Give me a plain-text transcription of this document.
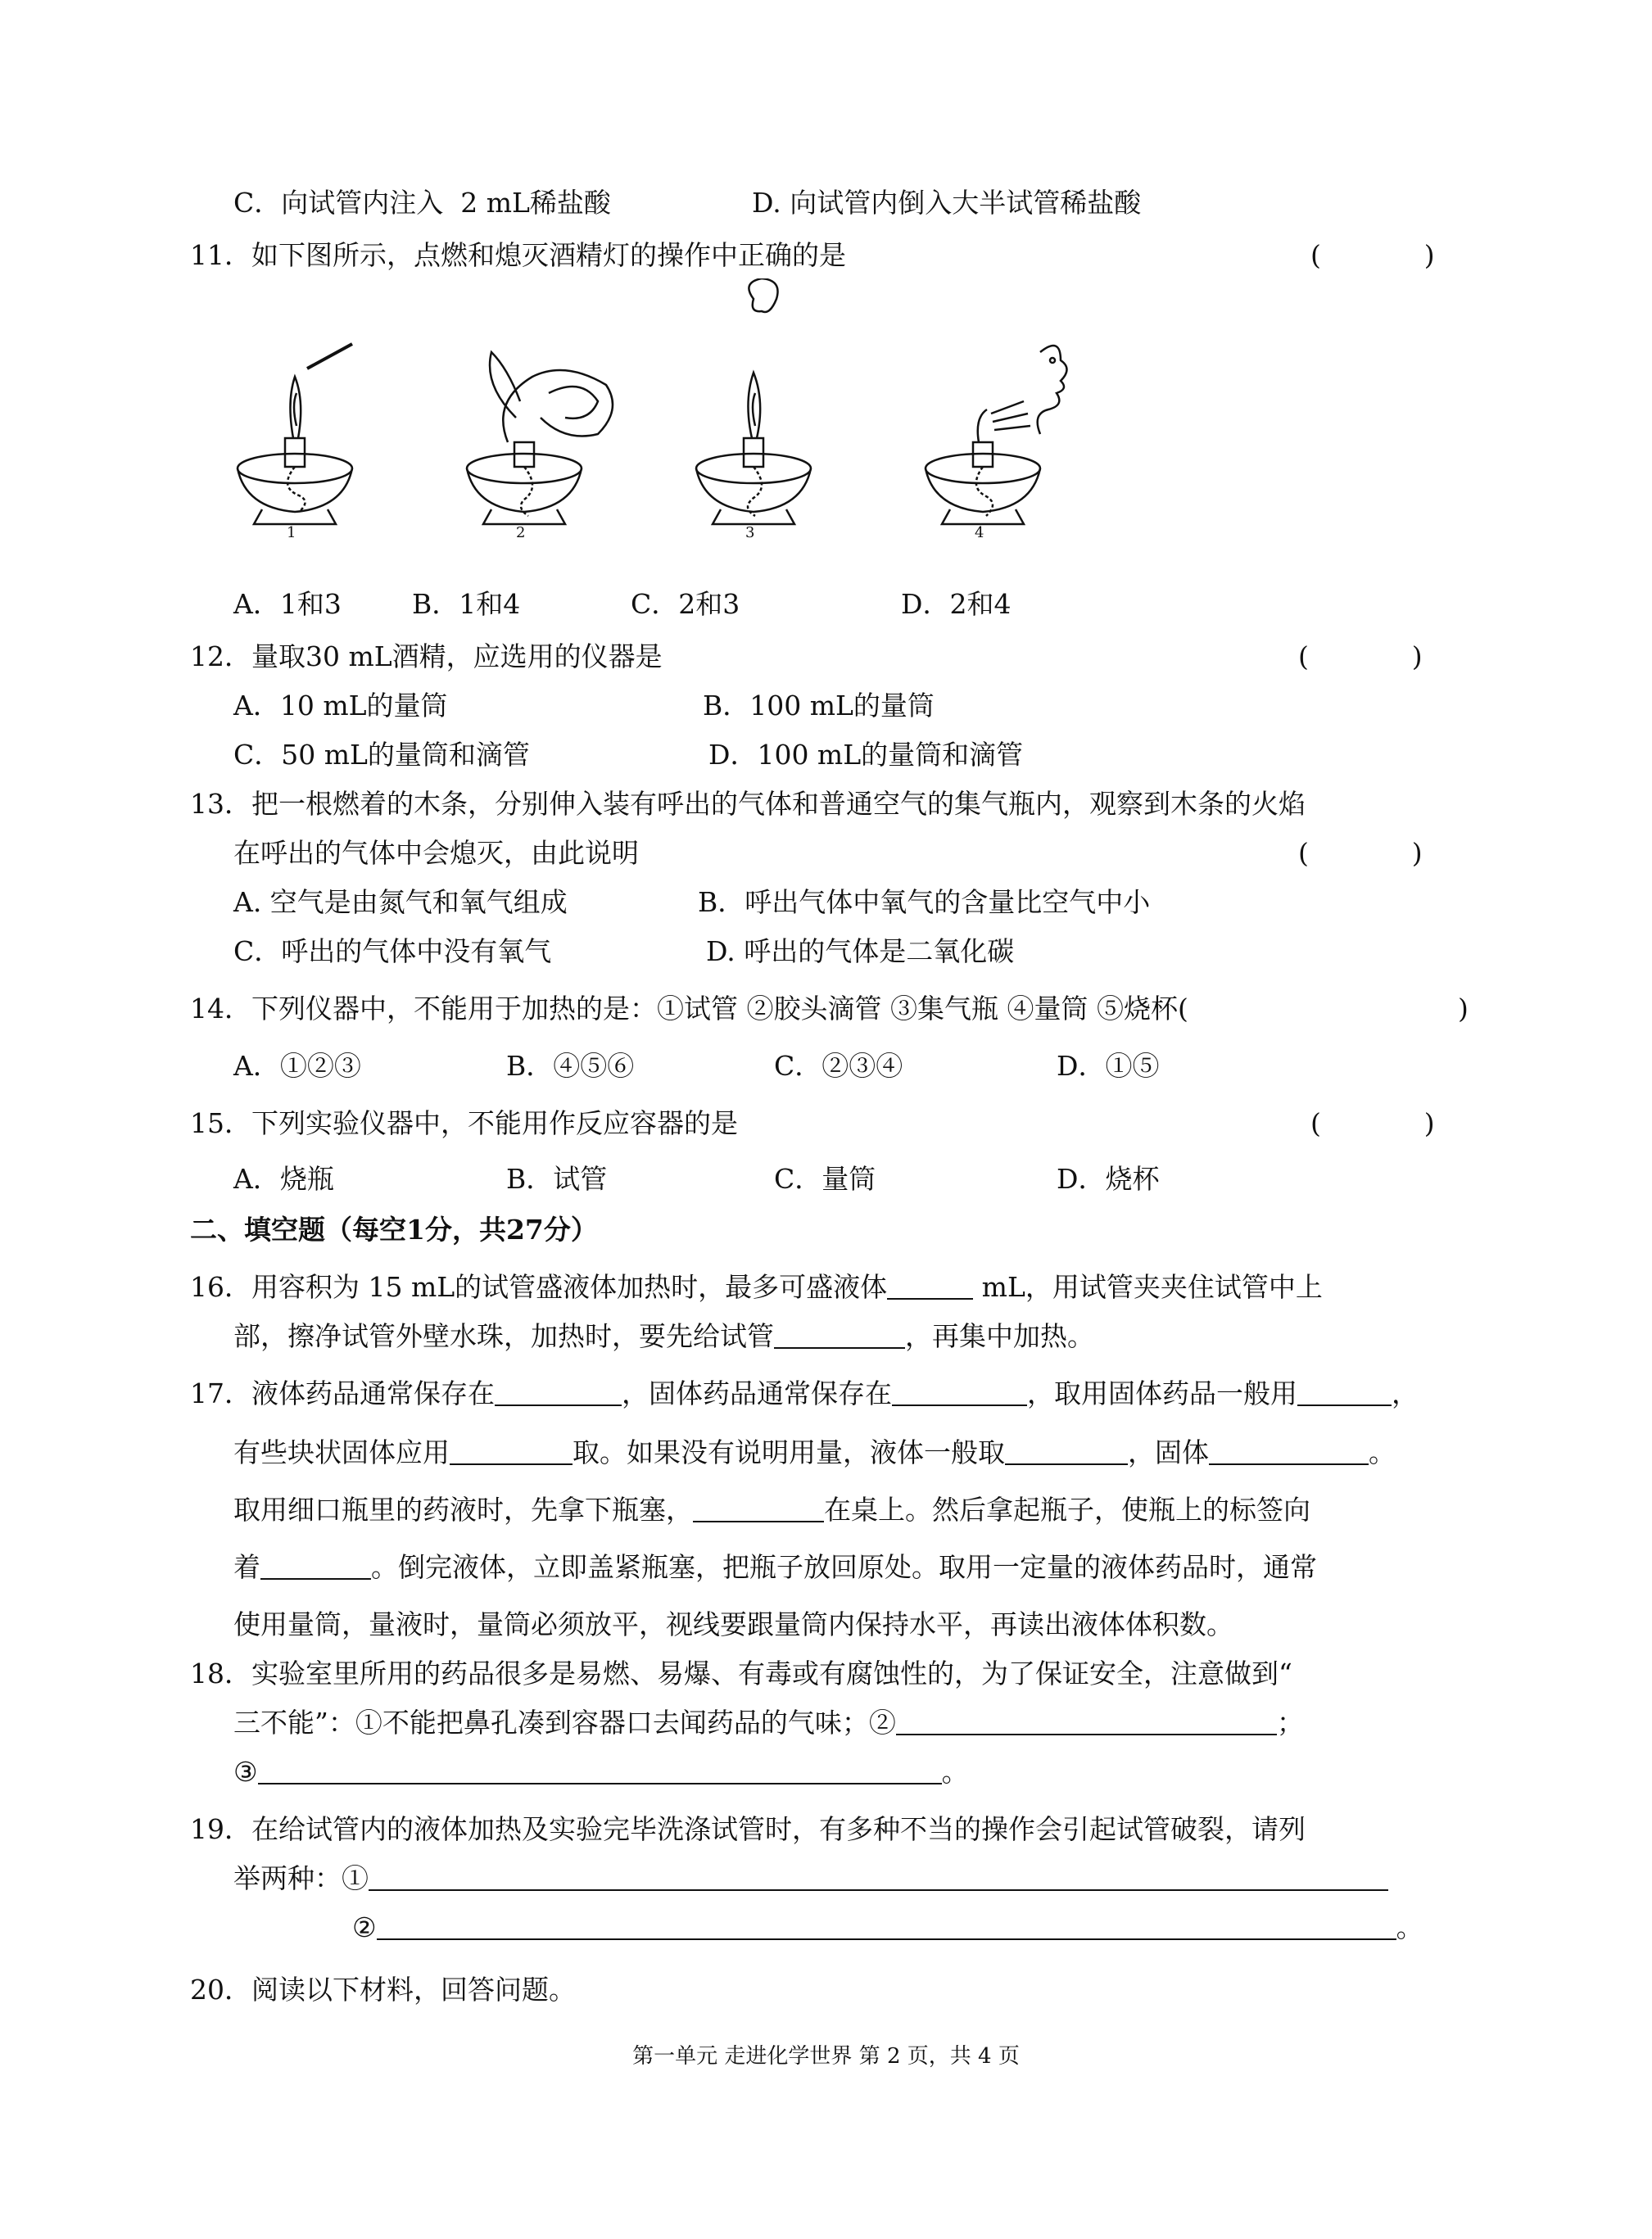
C．向试管内注入  2 mL稀盐酸	D. 向试管内倒入大半试管稀盐酸
11．如下图所示，点燃和熄灭酒精灯的操作中正确的是	(            )
1	2	3	4
A．1和3	B．1和4	C．2和3	D．2和4
12．量取30 mL酒精，应选用的仪器是	(            )
A．10 mL的量筒	B．100 mL的量筒
C．50 mL的量筒和滴管	D．100 mL的量筒和滴管
13．把一根燃着的木条，分别伸入装有呼出的气体和普通空气的集气瓶内，观察到木条的火焰
在呼出的气体中会熄灭，由此说明	(            )
A. 空气是由氮气和氧气组成	B．呼出气体中氧气的含量比空气中小
C．呼出的气体中没有氧气	D. 呼出的气体是二氧化碳
14．下列仪器中，不能用于加热的是：①试管 ②胶头滴管 ③集气瓶 ④量筒 ⑤烧杯(	)
A．①②③	B．④⑤⑥	C．②③④	D．①⑤
15．下列实验仪器中，不能用作反应容器的是	(            )
A．烧瓶	B．试管	C．量筒	D．烧杯
二、填空题（每空1分，共27分）
16．用容积为 15 mL的试管盛液体加热时，最多可盛液体	mL，用试管夹夹住试管中上
部，擦净试管外壁水珠，加热时，要先给试管	，再集中加热。
17．液体药品通常保存在	，固体药品通常保存在	，取用固体药品一般用	，
有些块状固体应用	取。如果没有说明用量，液体一般取	，固体	。
取用细口瓶里的药液时，先拿下瓶塞，	在桌上。然后拿起瓶子，使瓶上的标签向
着	。倒完液体，立即盖紧瓶塞，把瓶子放回原处。取用一定量的液体药品时，通常
使用量筒，量液时，量筒必须放平，视线要跟量筒内保持水平，再读出液体体积数。
18．实验室里所用的药品很多是易燃、易爆、有毒或有腐蚀性的，为了保证安全，注意做到“
三不能”：①不能把鼻孔凑到容器口去闻药品的气味；②	；
③	。
19．在给试管内的液体加热及实验完毕洗涤试管时，有多种不当的操作会引起试管破裂，请列
举两种：①
②	。
20．阅读以下材料，回答问题。
第一单元 走进化学世界 第 2 页，共 4 页
